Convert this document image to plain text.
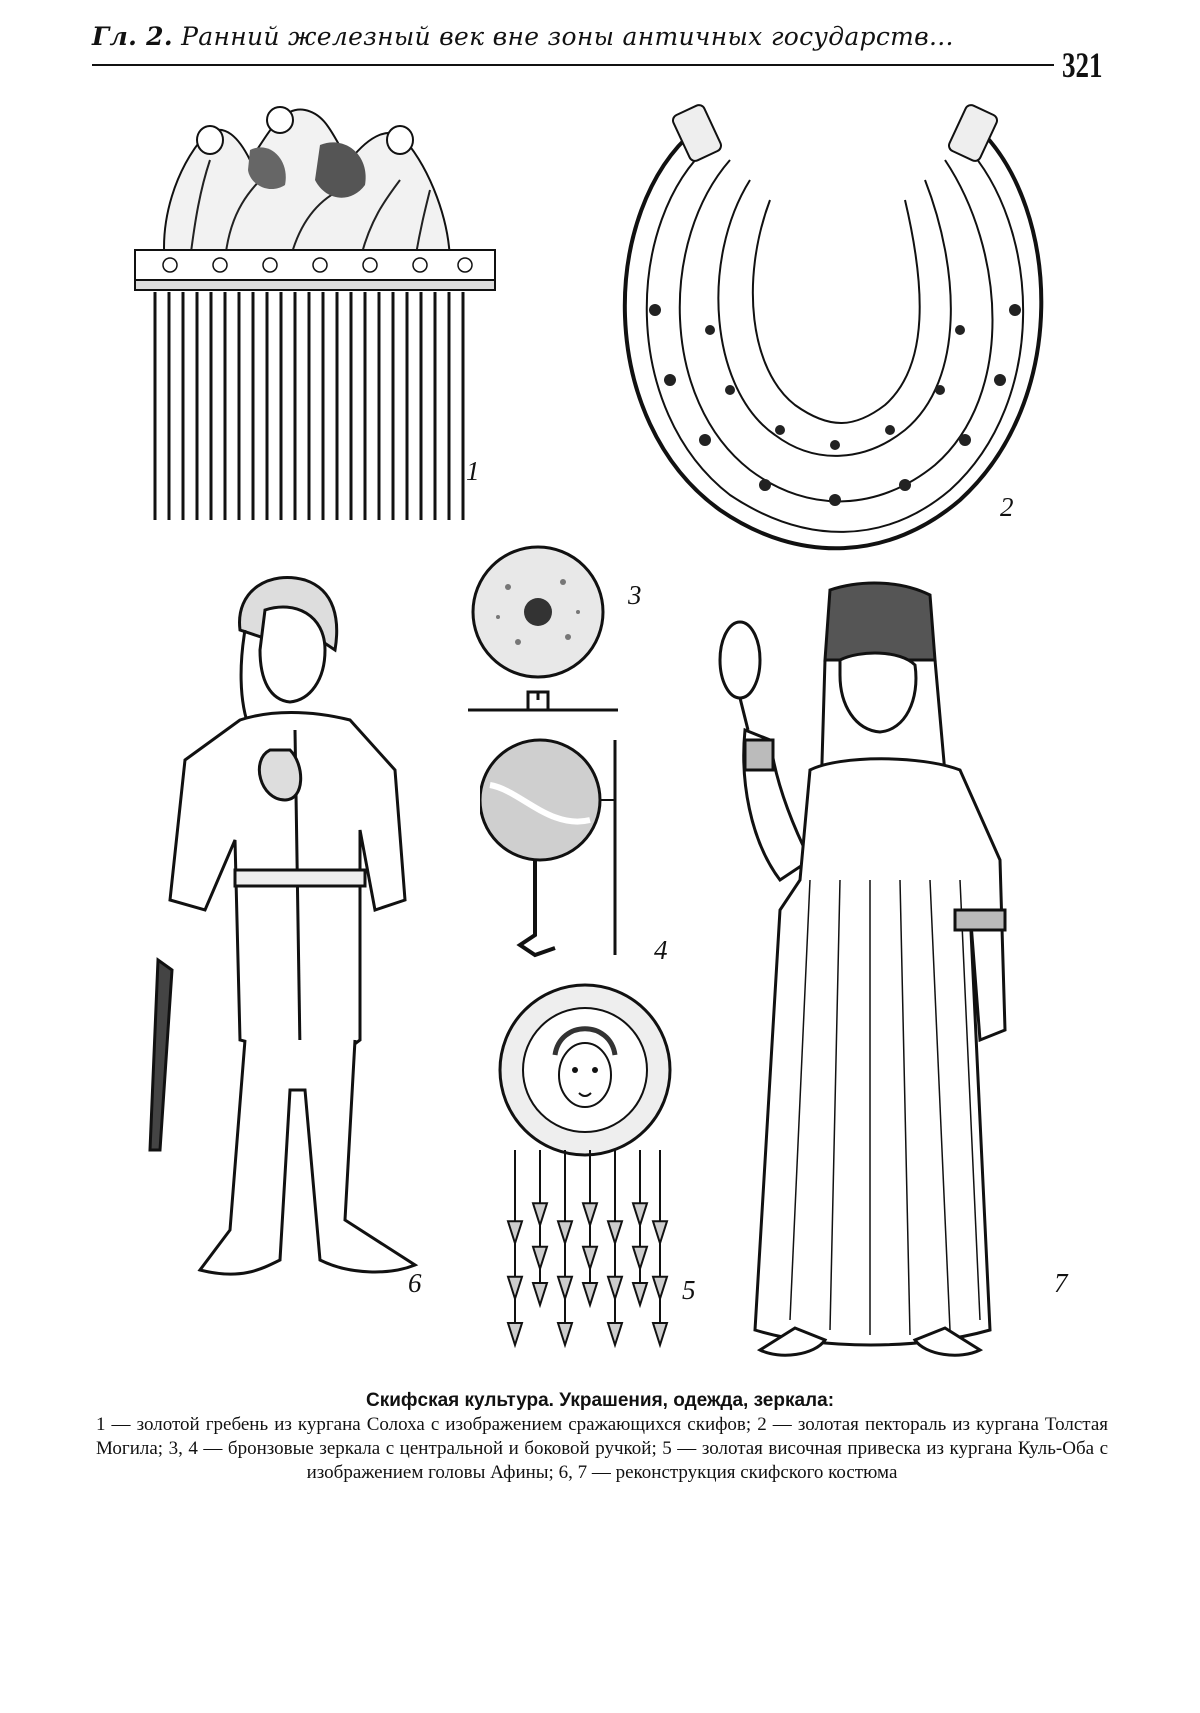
Гл. 2. Ранний железный век вне зоны античных государств...
321
1
2
3
4
5
6	7
Скифская культура. Украшения, одежда, зеркала:
1 — золотой гребень из кургана Солоха с изображением сражающихся скифов; 2 — золотая пектораль из кургана Толстая Могила; 3, 4 — бронзовые зеркала с центральной и боковой ручкой; 5 — золотая височная привеска из кургана Куль-Оба с изображением головы Афины; 6, 7 — реконструкция скифского костюма
